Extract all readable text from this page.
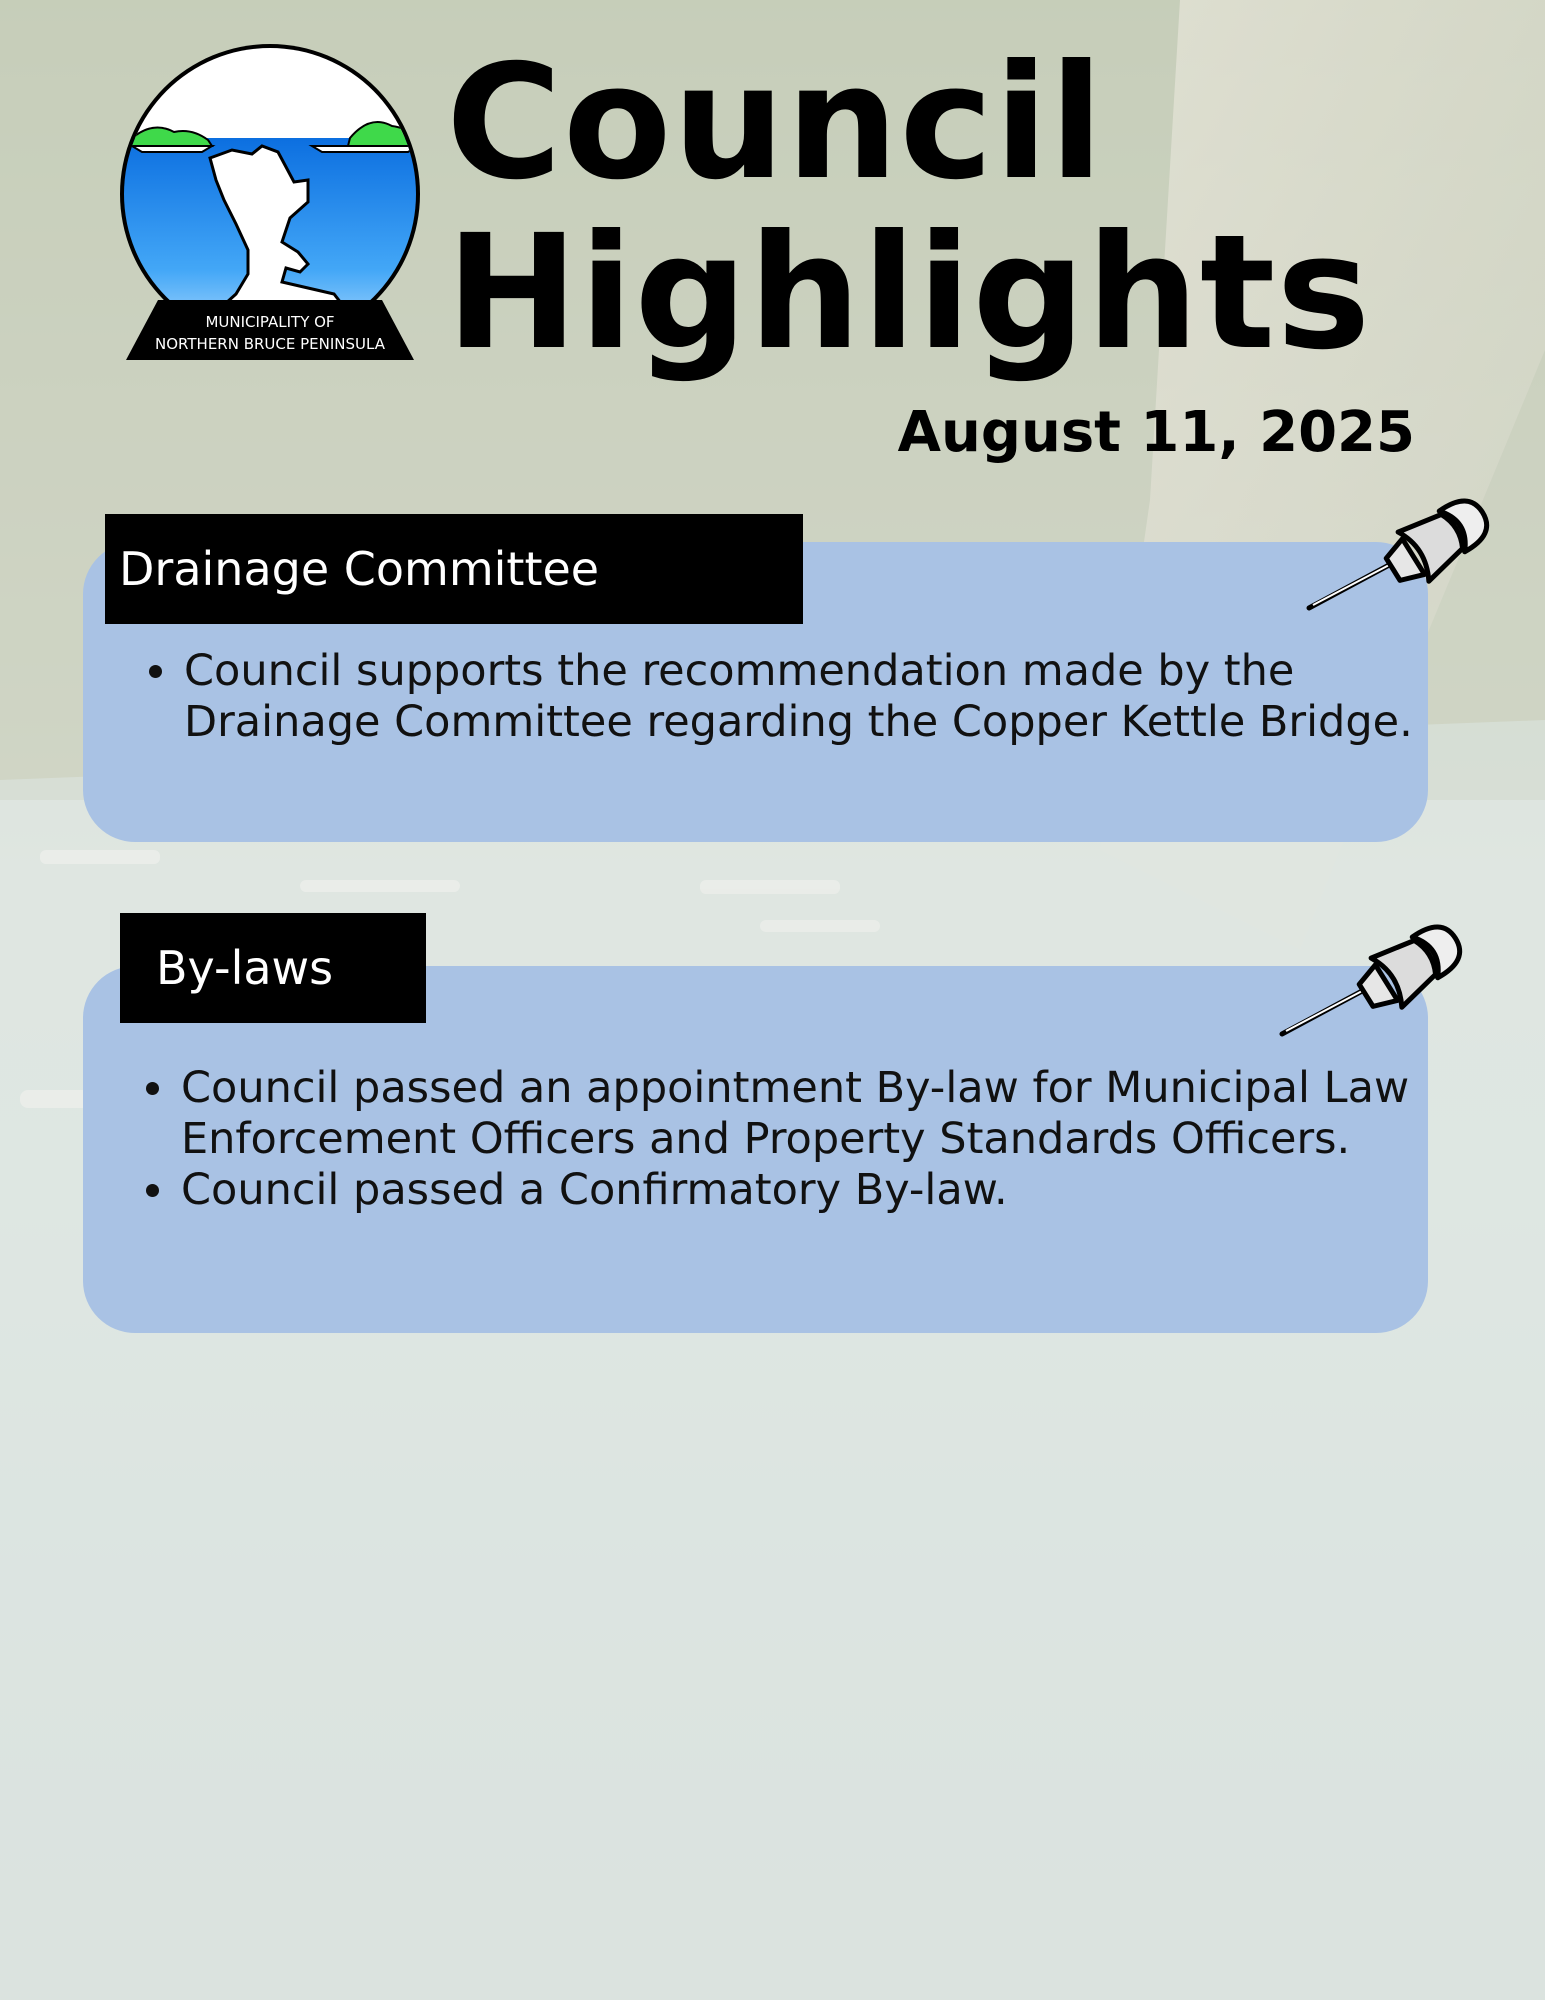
MUNICIPALITY OF
NORTHERN BRUCE PENINSULA
Council Highlights
August 11, 2025
Drainage Committee
• Council supports the recommendation made by the Drainage Committee regarding the Copper Kettle Bridge.
By-laws
• Council passed an appointment By-law for Municipal Law Enforcement Officers and Property Standards Officers.
• Council passed a Confirmatory By-law.
